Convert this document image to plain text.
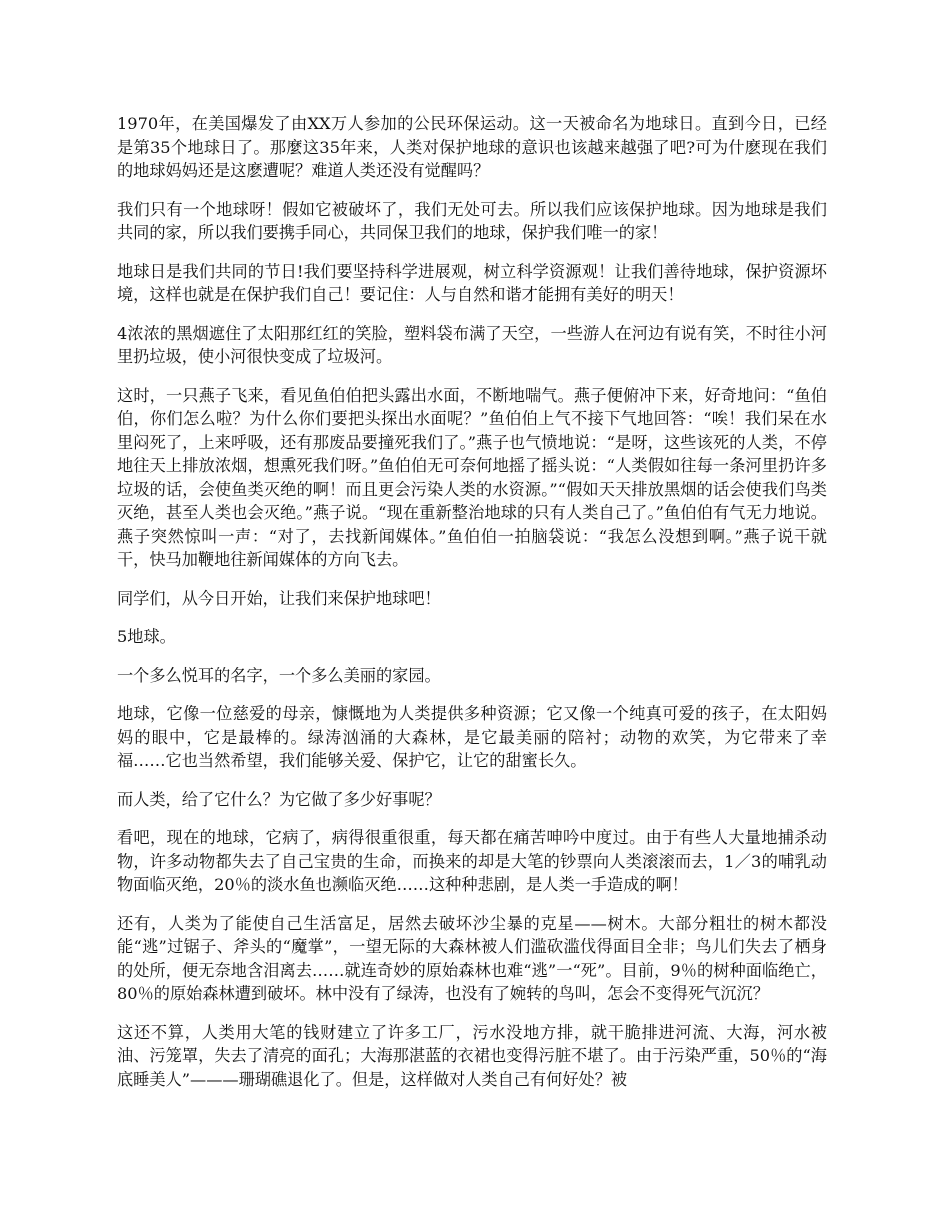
1970年，在美国爆发了由XX万人参加的公民环保运动。这一天被命名为地球日。直到今日，已经是第35个地球日了。那麼这35年来，人类对保护地球的意识也该越来越强了吧?可为什麽现在我们的地球妈妈还是这麽遭呢？难道人类还没有觉醒吗？

我们只有一个地球呀！假如它被破坏了，我们无处可去。所以我们应该保护地球。因为地球是我们共同的家，所以我们要携手同心，共同保卫我们的地球，保护我们唯一的家！

地球日是我们共同的节日!我们要坚持科学进展观，树立科学资源观！让我们善待地球，保护资源坏境，这样也就是在保护我们自己！要记住：人与自然和谐才能拥有美好的明天！

4浓浓的黑烟遮住了太阳那红红的笑脸，塑料袋布满了天空，一些游人在河边有说有笑，不时往小河里扔垃圾，使小河很快变成了垃圾河。

这时，一只燕子飞来，看见鱼伯伯把头露出水面，不断地喘气。燕子便俯冲下来，好奇地问：“鱼伯伯，你们怎么啦？为什么你们要把头探出水面呢？”鱼伯伯上气不接下气地回答：“唉！我们呆在水里闷死了，上来呼吸，还有那废品要撞死我们了。”燕子也气愤地说：“是呀，这些该死的人类，不停地往天上排放浓烟，想熏死我们呀。”鱼伯伯无可奈何地摇了摇头说：“人类假如往每一条河里扔许多垃圾的话，会使鱼类灭绝的啊！而且更会污染人类的水资源。”“假如天天排放黑烟的话会使我们鸟类灭绝，甚至人类也会灭绝。”燕子说。“现在重新整治地球的只有人类自己了。”鱼伯伯有气无力地说。燕子突然惊叫一声：“对了，去找新闻媒体。”鱼伯伯一拍脑袋说：“我怎么没想到啊。”燕子说干就干，快马加鞭地往新闻媒体的方向飞去。

同学们，从今日开始，让我们来保护地球吧！

5地球。

一个多么悦耳的名字，一个多么美丽的家园。

地球，它像一位慈爱的母亲，慷慨地为人类提供多种资源；它又像一个纯真可爱的孩子，在太阳妈妈的眼中，它是最棒的。绿涛汹涌的大森林，是它最美丽的陪衬；动物的欢笑，为它带来了幸福……它也当然希望，我们能够关爱、保护它，让它的甜蜜长久。

而人类，给了它什么？为它做了多少好事呢？

看吧，现在的地球，它病了，病得很重很重，每天都在痛苦呻吟中度过。由于有些人大量地捕杀动物，许多动物都失去了自己宝贵的生命，而换来的却是大笔的钞票向人类滚滚而去，1／3的哺乳动物面临灭绝，20％的淡水鱼也濒临灭绝……这种种悲剧，是人类一手造成的啊！

还有，人类为了能使自己生活富足，居然去破坏沙尘暴的克星——树木。大部分粗壮的树木都没能“逃”过锯子、斧头的“魔掌”，一望无际的大森林被人们滥砍滥伐得面目全非；鸟儿们失去了栖身的处所，便无奈地含泪离去……就连奇妙的原始森林也难“逃”一“死”。目前，9％的树种面临绝亡，80％的原始森林遭到破坏。林中没有了绿涛，也没有了婉转的鸟叫，怎会不变得死气沉沉？

这还不算，人类用大笔的钱财建立了许多工厂，污水没地方排，就干脆排进河流、大海，河水被油、污笼罩，失去了清亮的面孔；大海那湛蓝的衣裙也变得污脏不堪了。由于污染严重，50％的“海底睡美人”———珊瑚礁退化了。但是，这样做对人类自己有何好处？被
